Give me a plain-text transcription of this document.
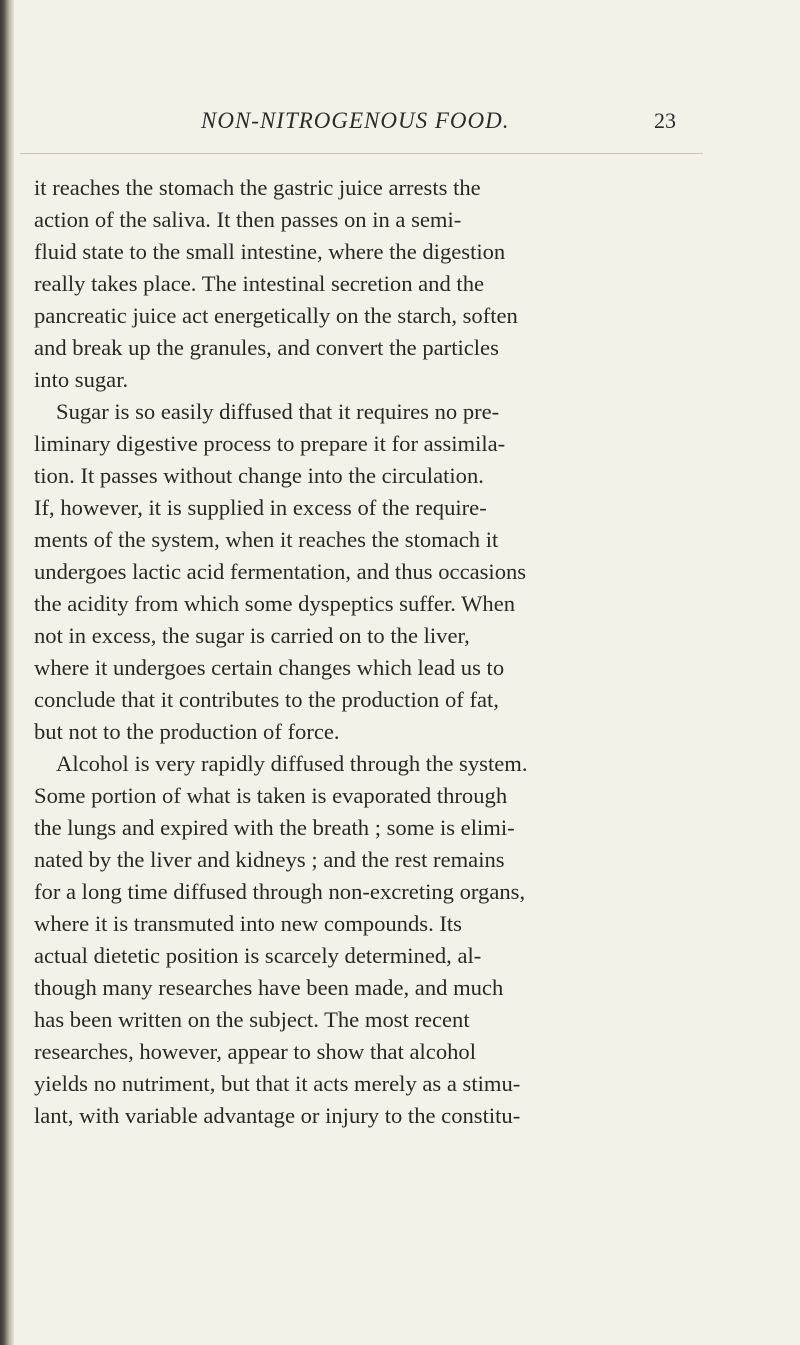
NON-NITROGENOUS FOOD.	23
it reaches the stomach the gastric juice arrests the
action of the saliva. It then passes on in a semi-
fluid state to the small intestine, where the digestion
really takes place. The intestinal secretion and the
pancreatic juice act energetically on the starch, soften
and break up the granules, and convert the particles
into sugar.
Sugar is so easily diffused that it requires no pre-
liminary digestive process to prepare it for assimila-
tion. It passes without change into the circulation.
If, however, it is supplied in excess of the require-
ments of the system, when it reaches the stomach it
undergoes lactic acid fermentation, and thus occasions
the acidity from which some dyspeptics suffer. When
not in excess, the sugar is carried on to the liver,
where it undergoes certain changes which lead us to
conclude that it contributes to the production of fat,
but not to the production of force.
Alcohol is very rapidly diffused through the system.
Some portion of what is taken is evaporated through
the lungs and expired with the breath ; some is elimi-
nated by the liver and kidneys ; and the rest remains
for a long time diffused through non-excreting organs,
where it is transmuted into new compounds. Its
actual dietetic position is scarcely determined, al-
though many researches have been made, and much
has been written on the subject. The most recent
researches, however, appear to show that alcohol
yields no nutriment, but that it acts merely as a stimu-
lant, with variable advantage or injury to the constitu-
